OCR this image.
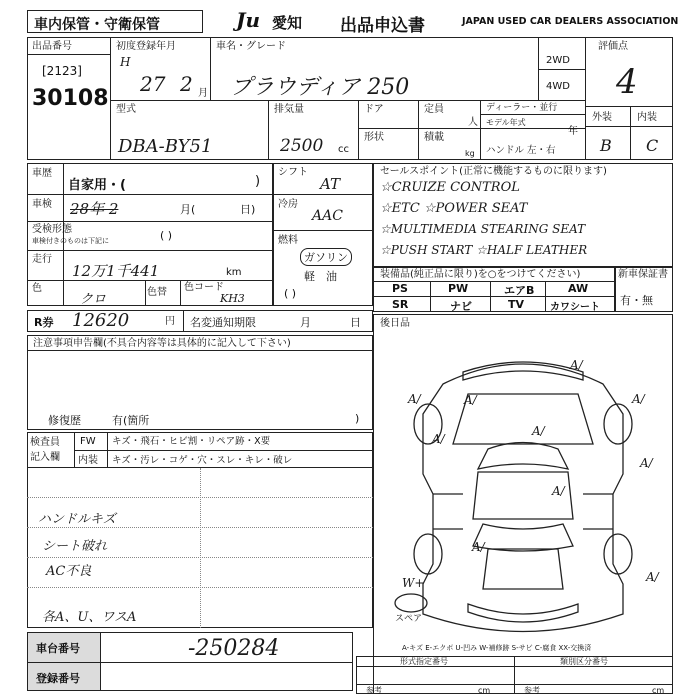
車内保管・守衛保管	Ju 愛知 出品申込書	JAPAN USED CAR DEALERS ASSOCIATION
出品番号
[2123]
30108
初度登録年月
H
27 2 月
車名・グレード
プラウディア 250
2WD
4WD
評価点
4
外装	内装
B C
型式
DBA-BY51
排気量
2500 cc
ドア
形状
定員
人
積載
kg
ディーラー・並行
モデル年式
年
ハンドル 左・右
車歴
自家用・(	)
車検 28年 2	月(	日)
受検形態
車検付きのものは下記に	( )
走行
12万1千441	km
色
クロ	色替 色コード
KH3
シフト
AT
冷房
AAC
燃料
ガソリン
軽　油
( )
R券 12620	円 名変通知期限	月	日
注意事項申告欄(不具合内容等は具体的に記入して下さい)
修復歴	有(箇所	)
検査員
記入欄
FW キズ・飛石・ヒビ割・リペア跡・X要
内装 キズ・汚レ・コゲ・穴・スレ・キレ・破レ
ハンドルキズ
シート破れ
AC不良
各A、U、ワスA
車台番号	-250284
登録番号
セールスポイント(正常に機能するものに限ります)
☆CRUIZE CONTROL
☆ETC ☆POWER SEAT
☆MULTIMEDIA STEARING SEAT
☆PUSH START ☆HALF LEATHER
装備品(純正品に限り)を○をつけてください)
PS	PW	エアB	AW
SR	ナビ	TV	カワシート
新車保証書
有・無
後日品
A/	A/
A/
A/
A/
A/
A/
A/
A/
W+	A/
スペア
A-キズ E-エクボ U-凹み W-補修跡 S-サビ C-腐食 XX-交換済
形式指定番号	類別区分番号
参考	cm	参考	cm
